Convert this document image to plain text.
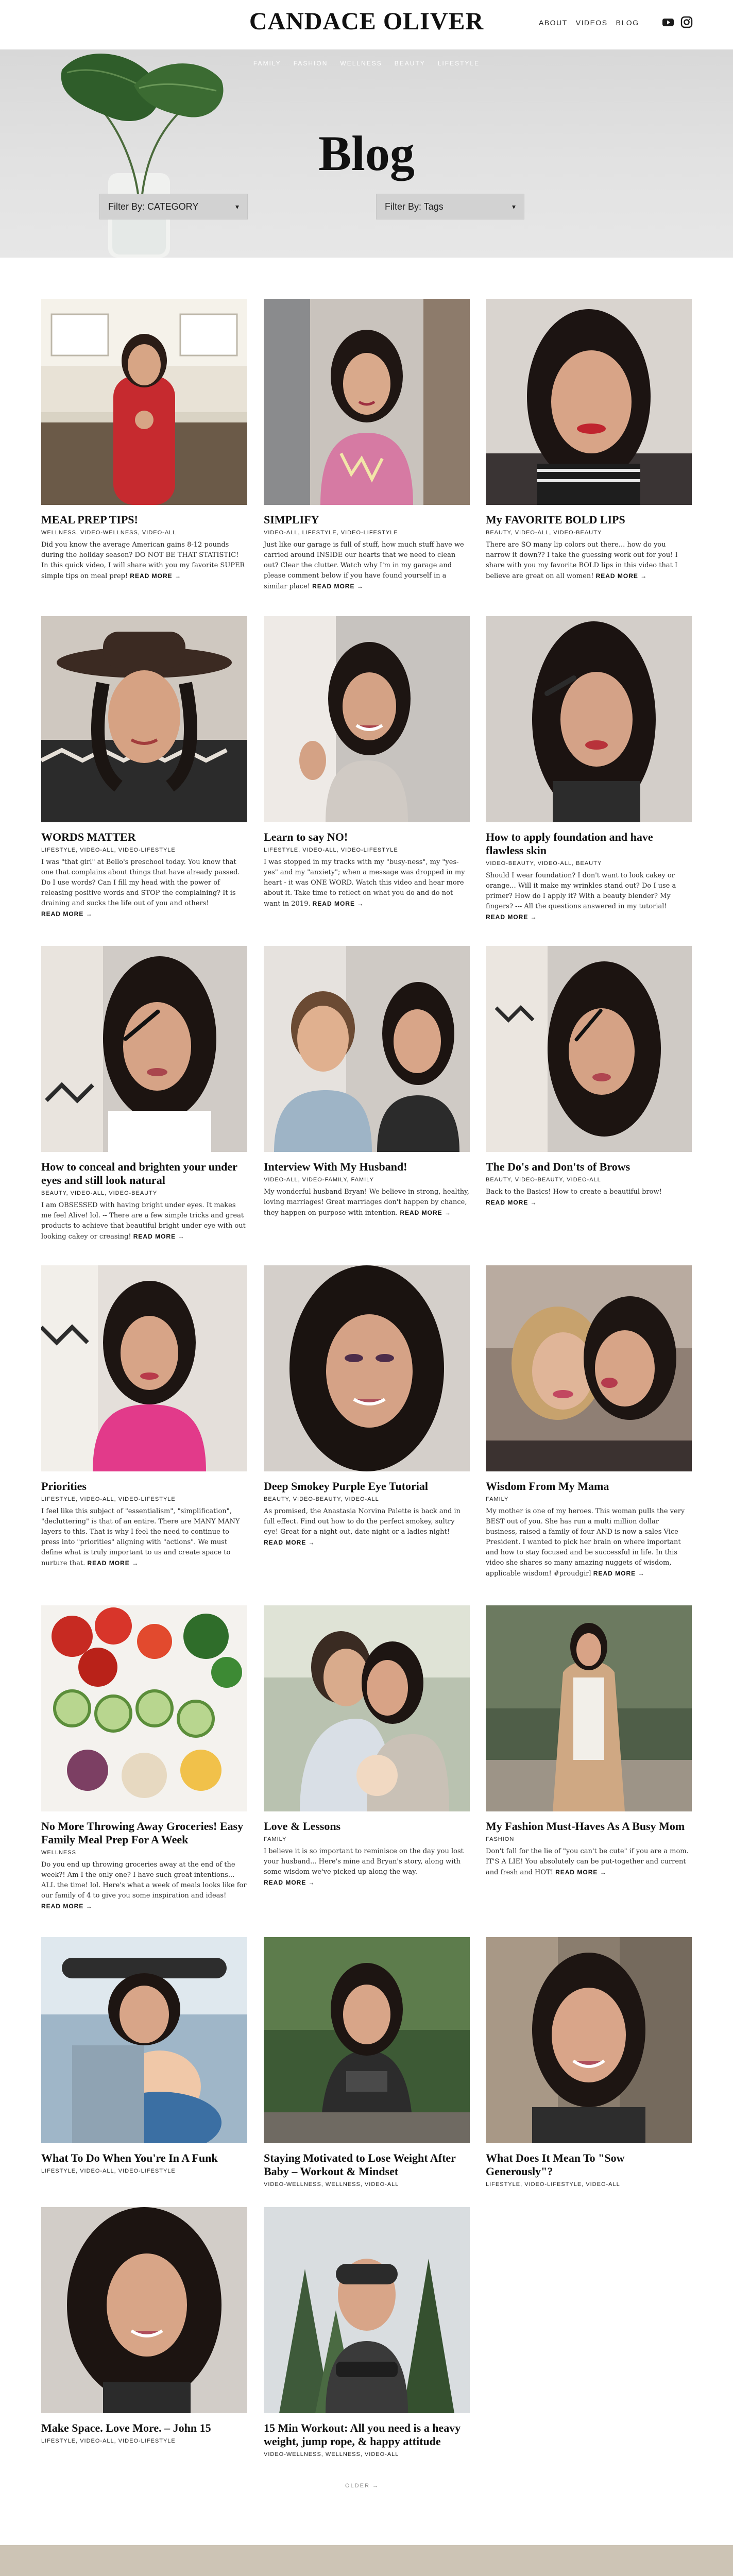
CANDACE OLIVER	ABOUT VIDEOS BLOG
FAMILY FASHION WELLNESS BEAUTY LIFESTYLE
Blog
Filter By: CATEGORY	▾	Filter By: Tags	▾
MEAL PREP TIPS!
WELLNESS, VIDEO-WELLNESS, VIDEO-ALL

Did you know the average American gains 8-12 pounds during the holiday season? DO NOT BE THAT STATISTIC! In this quick video, I will share with you my favorite SUPER simple tips on meal prep! READ MORE →

SIMPLIFY
VIDEO-ALL, LIFESTYLE, VIDEO-LIFESTYLE

Just like our garage is full of stuff, how much stuff have we carried around INSIDE our hearts that we need to clean out? Clear the clutter. Watch why I'm in my garage and please comment below if you have found yourself in a similar place! READ MORE →

My FAVORITE BOLD LIPS
BEAUTY, VIDEO-ALL, VIDEO-BEAUTY

There are SO many lip colors out there... how do you narrow it down?? I take the guessing work out for you! I share with you my favorite BOLD lips in this video that I believe are great on all women! READ MORE →

WORDS MATTER
LIFESTYLE, VIDEO-ALL, VIDEO-LIFESTYLE

I was "that girl" at Bello's preschool today. You know that one that complains about things that have already passed. Do I use words? Can I fill my head with the power of releasing positive words and STOP the complaining? It is draining and sucks the life out of you and others! READ MORE →

Learn to say NO!
LIFESTYLE, VIDEO-ALL, VIDEO-LIFESTYLE

I was stopped in my tracks with my "busy-ness", my "yes-yes" and my "anxiety"; when a message was dropped in my heart - it was ONE WORD. Watch this video and hear more about it. Take time to reflect on what you do and do not want in 2019. READ MORE →

How to apply foundation and have flawless skin
VIDEO-BEAUTY, VIDEO-ALL, BEAUTY

Should I wear foundation? I don't want to look cakey or orange... Will it make my wrinkles stand out? Do I use a primer? How do I apply it? With a beauty blender? My fingers? --- All the questions answered in my tutorial! READ MORE →

How to conceal and brighten your under eyes and still look natural
BEAUTY, VIDEO-ALL, VIDEO-BEAUTY

I am OBSESSED with having bright under eyes. It makes me feel Alive! lol. -- There are a few simple tricks and great products to achieve that beautiful bright under eye with out looking cakey or creasing! READ MORE →

Interview With My Husband!
VIDEO-ALL, VIDEO-FAMILY, FAMILY

My wonderful husband Bryan! We believe in strong, healthy, loving marriages! Great marriages don't happen by chance, they happen on purpose with intention. READ MORE →

The Do's and Don'ts of Brows
BEAUTY, VIDEO-BEAUTY, VIDEO-ALL

Back to the Basics! How to create a beautiful brow! READ MORE →

Priorities
LIFESTYLE, VIDEO-ALL, VIDEO-LIFESTYLE

I feel like this subject of "essentialism", "simplification", "decluttering" is that of an entire. There are MANY MANY layers to this. That is why I feel the need to continue to press into "priorities" aligning with "actions". We must define what is truly important to us and create space to nurture that. READ MORE →

Deep Smokey Purple Eye Tutorial
BEAUTY, VIDEO-BEAUTY, VIDEO-ALL

As promised, the Anastasia Norvina Palette is back and in full effect. Find out how to do the perfect smokey, sultry eye! Great for a night out, date night or a ladies night! READ MORE →

Wisdom From My Mama
FAMILY

My mother is one of my heroes. This woman pulls the very BEST out of you. She has run a multi million dollar business, raised a family of four AND is now a sales Vice President. I wanted to pick her brain on where important and how to stay focused and be successful in life. In this video she shares so many amazing nuggets of wisdom, applicable wisdom! #proudgirl READ MORE →

No More Throwing Away Groceries! Easy Family Meal Prep For A Week
WELLNESS

Do you end up throwing groceries away at the end of the week?! Am I the only one? I have such great intentions... ALL the time! lol. Here's what a week of meals looks like for our family of 4 to give you some inspiration and ideas! READ MORE →

Love & Lessons
FAMILY

I believe it is so important to reminisce on the day you lost your husband... Here's mine and Bryan's story, along with some wisdom we've picked up along the way. READ MORE →

My Fashion Must-Haves As A Busy Mom
FASHION

Don't fall for the lie of "you can't be cute" if you are a mom. IT'S A LIE! You absolutely can be put-together and current and fresh and HOT! READ MORE →

What To Do When You're In A Funk
LIFESTYLE, VIDEO-ALL, VIDEO-LIFESTYLE
Staying Motivated to Lose Weight After Baby – Workout & Mindset
VIDEO-WELLNESS, WELLNESS, VIDEO-ALL
What Does It Mean To "Sow Generously"?
LIFESTYLE, VIDEO-LIFESTYLE, VIDEO-ALL
Make Space. Love More. – John 15
LIFESTYLE, VIDEO-ALL, VIDEO-LIFESTYLE
15 Min Workout: All you need is a heavy weight, jump rope, & happy attitude
VIDEO-WELLNESS, WELLNESS, VIDEO-ALL
OLDER →
